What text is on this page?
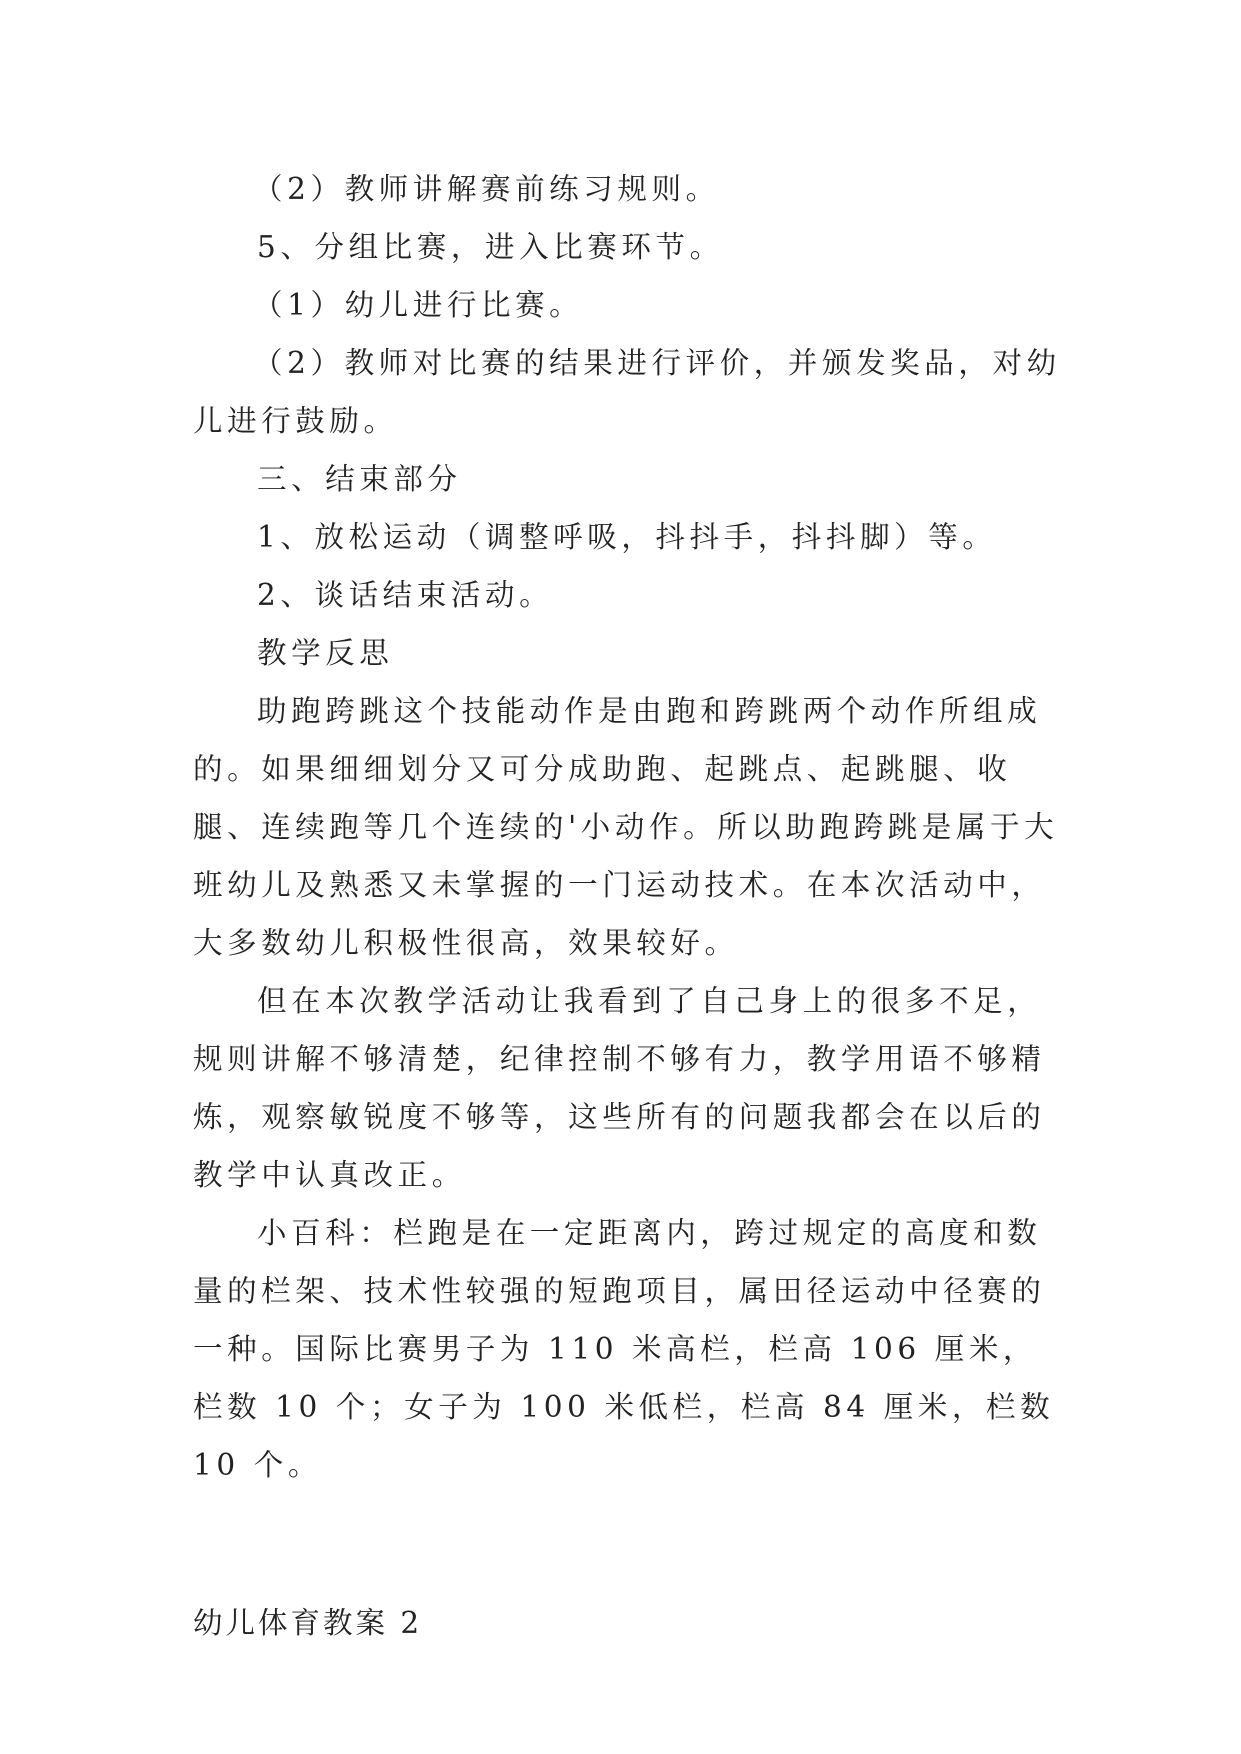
（2）教师讲解赛前练习规则。

5、分组比赛，进入比赛环节。

（1）幼儿进行比赛。

（2）教师对比赛的结果进行评价，并颁发奖品，对幼儿进行鼓励。

三、结束部分

1、放松运动（调整呼吸，抖抖手，抖抖脚）等。

2、谈话结束活动。

教学反思

助跑跨跳这个技能动作是由跑和跨跳两个动作所组成的。如果细细划分又可分成助跑、起跳点、起跳腿、收腿、连续跑等几个连续的'小动作。所以助跑跨跳是属于大班幼儿及熟悉又未掌握的一门运动技术。在本次活动中，大多数幼儿积极性很高，效果较好。

但在本次教学活动让我看到了自己身上的很多不足，规则讲解不够清楚，纪律控制不够有力，教学用语不够精炼，观察敏锐度不够等，这些所有的问题我都会在以后的教学中认真改正。

小百科：栏跑是在一定距离内，跨过规定的高度和数量的栏架、技术性较强的短跑项目，属田径运动中径赛的一种。国际比赛男子为 110 米高栏，栏高 106 厘米，栏数 10 个；女子为 100 米低栏，栏高 84 厘米，栏数 10 个。

幼儿体育教案 2
